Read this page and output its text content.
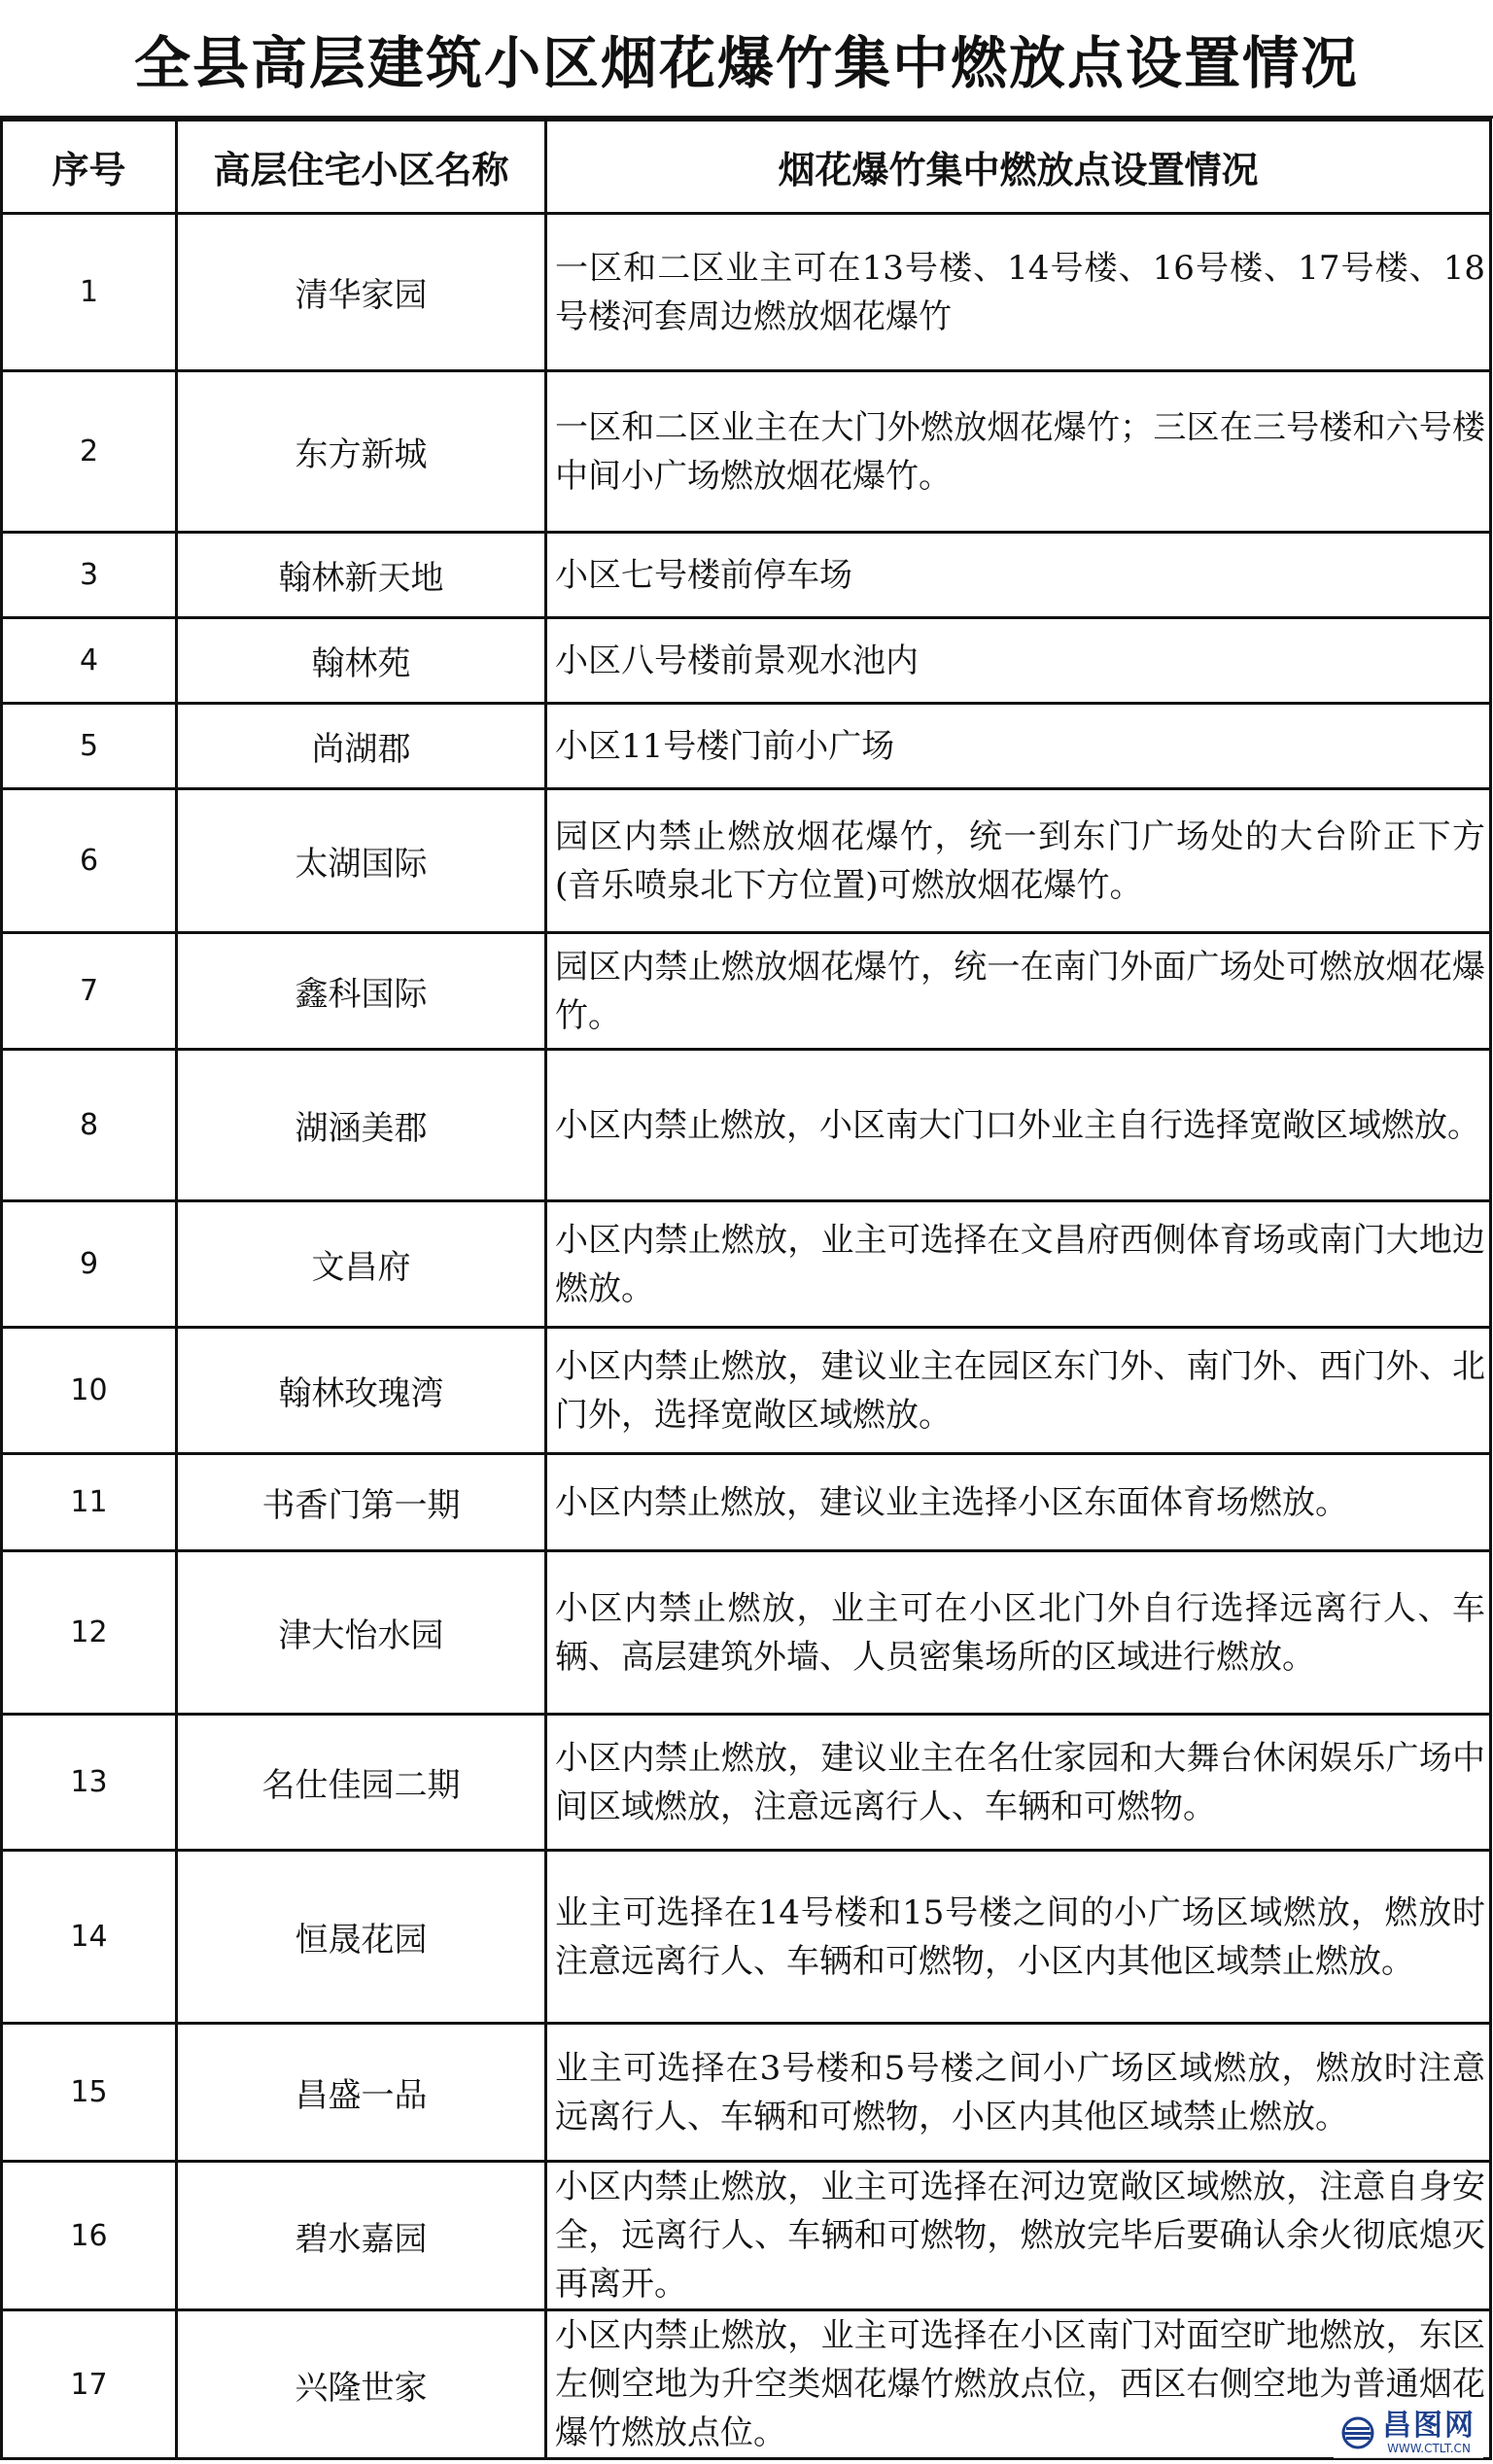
全县高层建筑小区烟花爆竹集中燃放点设置情况
序号	高层住宅小区名称	烟花爆竹集中燃放点设置情况
1	清华家园	一区和二区业主可在13号楼、14号楼、16号楼、17号楼、18号楼河套周边燃放烟花爆竹
2	东方新城	一区和二区业主在大门外燃放烟花爆竹；三区在三号楼和六号楼中间小广场燃放烟花爆竹。
3	翰林新天地	小区七号楼前停车场
4	翰林苑	小区八号楼前景观水池内
5	尚湖郡	小区11号楼门前小广场
6	太湖国际	园区内禁止燃放烟花爆竹，统一到东门广场处的大台阶正下方(音乐喷泉北下方位置)可燃放烟花爆竹。
7	鑫科国际	园区内禁止燃放烟花爆竹，统一在南门外面广场处可燃放烟花爆竹。
8	湖涵美郡	小区内禁止燃放，小区南大门口外业主自行选择宽敞区域燃放。
9	文昌府	小区内禁止燃放，业主可选择在文昌府西侧体育场或南门大地边燃放。
10	翰林玫瑰湾	小区内禁止燃放，建议业主在园区东门外、南门外、西门外、北门外，选择宽敞区域燃放。
11	书香门第一期	小区内禁止燃放，建议业主选择小区东面体育场燃放。
12	津大怡水园	小区内禁止燃放，业主可在小区北门外自行选择远离行人、车辆、高层建筑外墙、人员密集场所的区域进行燃放。
13	名仕佳园二期	小区内禁止燃放，建议业主在名仕家园和大舞台休闲娱乐广场中间区域燃放，注意远离行人、车辆和可燃物。
14	恒晟花园	业主可选择在14号楼和15号楼之间的小广场区域燃放，燃放时注意远离行人、车辆和可燃物，小区内其他区域禁止燃放。
15	昌盛一品	业主可选择在3号楼和5号楼之间小广场区域燃放，燃放时注意远离行人、车辆和可燃物，小区内其他区域禁止燃放。
16	碧水嘉园	小区内禁止燃放，业主可选择在河边宽敞区域燃放，注意自身安全，远离行人、车辆和可燃物，燃放完毕后要确认余火彻底熄灭再离开。
17	兴隆世家	小区内禁止燃放，业主可选择在小区南门对面空旷地燃放，东区左侧空地为升空类烟花爆竹燃放点位，西区右侧空地为普通烟花爆竹燃放点位。	昌图网
WWW.CTLT.CN
